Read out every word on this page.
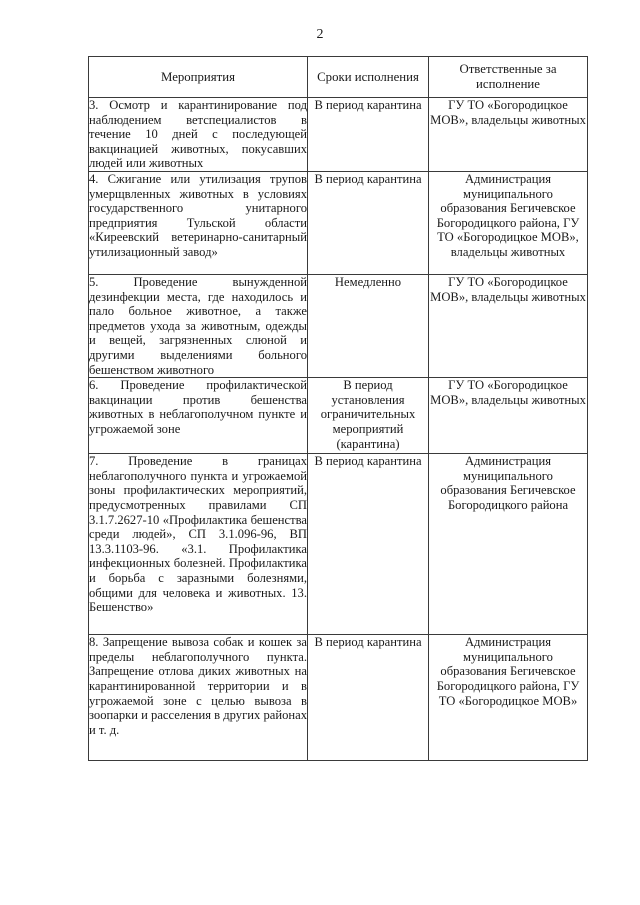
2
Мероприятия	Сроки исполнения	Ответственные за исполнение
3. Осмотр и карантинирование под наблюдением ветспециалистов в течение 10 дней с последующей вакцинацией животных, покусавших людей или животных	В период карантина	ГУ ТО «Богородицкое МОВ», владельцы животных
4. Сжигание или утилизация трупов умерщвленных животных в условиях государственного унитарного предприятия Тульской области «Киреевский ветеринарно-санитарный утилизационный завод»	В период карантина	Администрация муниципального образования Бегичевское Богородицкого района, ГУ ТО «Богородицкое МОВ», владельцы животных
5. Проведение вынужденной дезинфекции места, где находилось и пало больное животное, а также предметов ухода за животным, одежды и вещей, загрязненных слюной и другими выделениями больного бешенством животного	Немедленно	ГУ ТО «Богородицкое МОВ», владельцы животных
6. Проведение профилактической вакцинации против бешенства животных в неблагополучном пункте и угрожаемой зоне	В период установления ограничительных мероприятий (карантина)	ГУ ТО «Богородицкое МОВ», владельцы животных
7. Проведение в границах неблагополучного пункта и угрожаемой зоны профилактических мероприятий, предусмотренных правилами СП 3.1.7.2627-10 «Профилактика бешенства среди людей», СП 3.1.096-96, ВП 13.3.1103-96. «3.1. Профилактика инфекционных болезней. Профилактика и борьба с заразными болезнями, общими для человека и животных. 13. Бешенство»	В период карантина	Администрация муниципального образования Бегичевское Богородицкого района
8. Запрещение вывоза собак и кошек за пределы неблагополучного пункта. Запрещение отлова диких животных на карантинированной территории и в угрожаемой зоне с целью вывоза в зоопарки и расселения в других районах и т. д.	В период карантина	Администрация муниципального образования Бегичевское Богородицкого района, ГУ ТО «Богородицкое МОВ»
